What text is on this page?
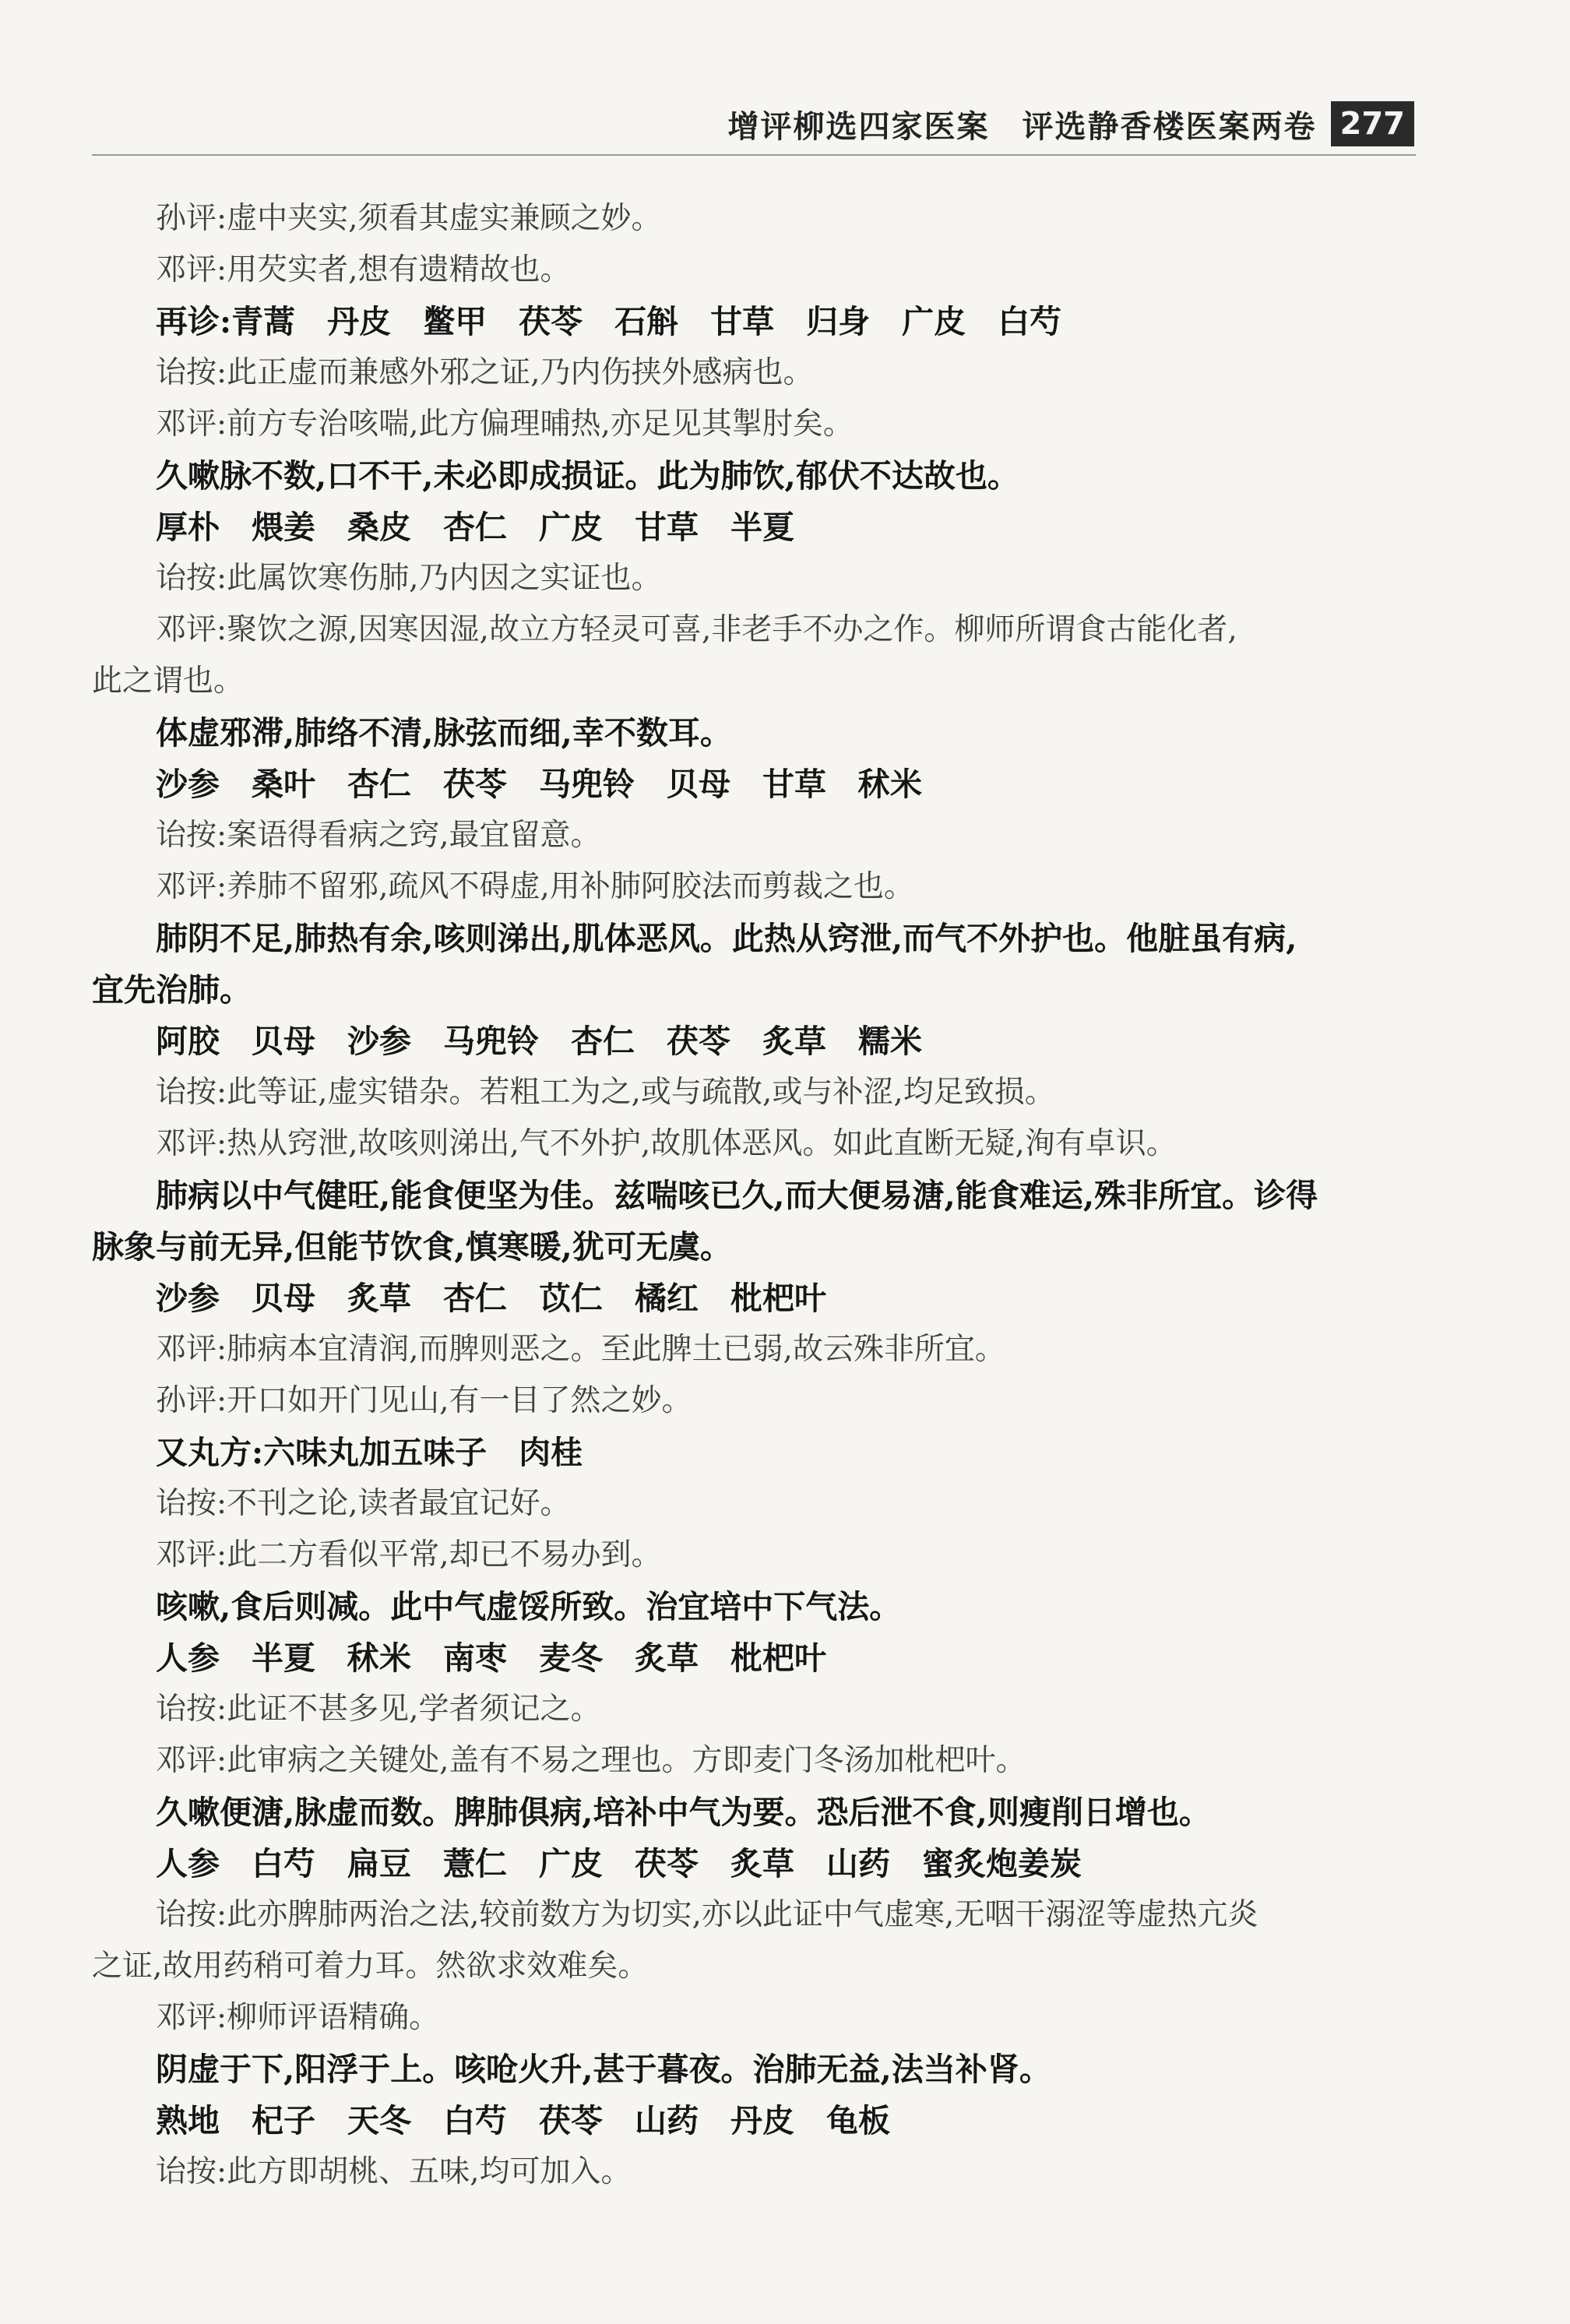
增评柳选四家医案　评选静香楼医案两卷 277
孙评:虚中夹实,须看其虚实兼顾之妙。
邓评:用芡实者,想有遗精故也。
再诊:青蒿　丹皮　鳖甲　茯苓　石斛　甘草　归身　广皮　白芍
诒按:此正虚而兼感外邪之证,乃内伤挟外感病也。
邓评:前方专治咳喘,此方偏理晡热,亦足见其掣肘矣。
久嗽脉不数,口不干,未必即成损证。此为肺饮,郁伏不达故也。
厚朴　煨姜　桑皮　杏仁　广皮　甘草　半夏
诒按:此属饮寒伤肺,乃内因之实证也。
邓评:聚饮之源,因寒因湿,故立方轻灵可喜,非老手不办之作。柳师所谓食古能化者,
此之谓也。
体虚邪滞,肺络不清,脉弦而细,幸不数耳。
沙参　桑叶　杏仁　茯苓　马兜铃　贝母　甘草　秫米
诒按:案语得看病之窍,最宜留意。
邓评:养肺不留邪,疏风不碍虚,用补肺阿胶法而剪裁之也。
肺阴不足,肺热有余,咳则涕出,肌体恶风。此热从窍泄,而气不外护也。他脏虽有病,
宜先治肺。
阿胶　贝母　沙参　马兜铃　杏仁　茯苓　炙草　糯米
诒按:此等证,虚实错杂。若粗工为之,或与疏散,或与补涩,均足致损。
邓评:热从窍泄,故咳则涕出,气不外护,故肌体恶风。如此直断无疑,洵有卓识。
肺病以中气健旺,能食便坚为佳。兹喘咳已久,而大便易溏,能食难运,殊非所宜。诊得
脉象与前无异,但能节饮食,慎寒暖,犹可无虞。
沙参　贝母　炙草　杏仁　苡仁　橘红　枇杷叶
邓评:肺病本宜清润,而脾则恶之。至此脾土已弱,故云殊非所宜。
孙评:开口如开门见山,有一目了然之妙。
又丸方:六味丸加五味子　肉桂
诒按:不刊之论,读者最宜记好。
邓评:此二方看似平常,却已不易办到。
咳嗽,食后则减。此中气虚馁所致。治宜培中下气法。
人参　半夏　秫米　南枣　麦冬　炙草　枇杷叶
诒按:此证不甚多见,学者须记之。
邓评:此审病之关键处,盖有不易之理也。方即麦门冬汤加枇杷叶。
久嗽便溏,脉虚而数。脾肺俱病,培补中气为要。恐后泄不食,则瘦削日增也。
人参　白芍　扁豆　薏仁　广皮　茯苓　炙草　山药　蜜炙炮姜炭
诒按:此亦脾肺两治之法,较前数方为切实,亦以此证中气虚寒,无咽干溺涩等虚热亢炎
之证,故用药稍可着力耳。然欲求效难矣。
邓评:柳师评语精确。
阴虚于下,阳浮于上。咳呛火升,甚于暮夜。治肺无益,法当补肾。
熟地　杞子　天冬　白芍　茯苓　山药　丹皮　龟板
诒按:此方即胡桃、五味,均可加入。
